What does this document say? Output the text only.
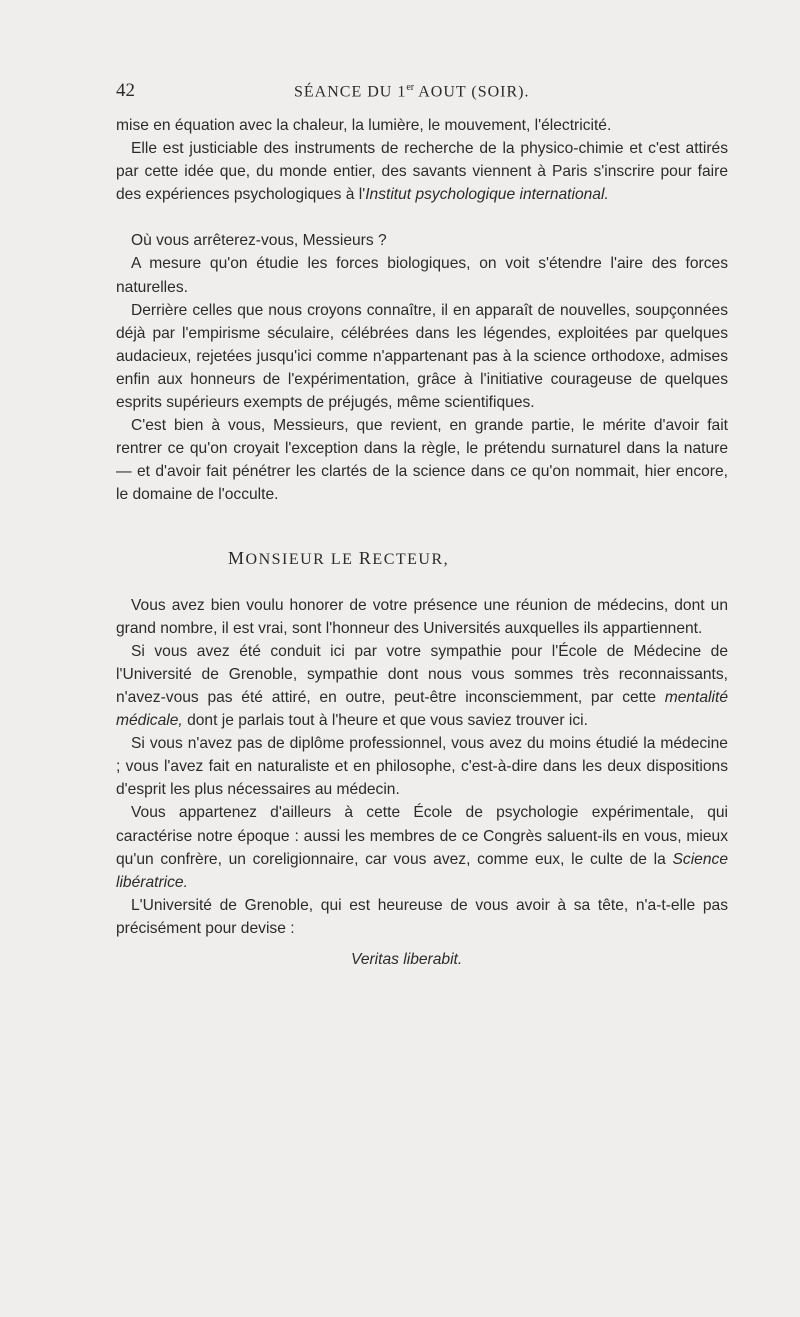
42	SÉANCE DU 1er AOUT (SOIR).

mise en équation avec la chaleur, la lumière, le mouvement, l'électricité.

Elle est justiciable des instruments de recherche de la physico-chimie et c'est attirés par cette idée que, du monde entier, des savants viennent à Paris s'inscrire pour faire des expériences psychologiques à l'Institut psychologique international.

Où vous arrêterez-vous, Messieurs ?

A mesure qu'on étudie les forces biologiques, on voit s'étendre l'aire des forces naturelles.

Derrière celles que nous croyons connaître, il en apparaît de nouvelles, soupçonnées déjà par l'empirisme séculaire, célébrées dans les légendes, exploitées par quelques audacieux, rejetées jusqu'ici comme n'appartenant pas à la science orthodoxe, admises enfin aux honneurs de l'expérimentation, grâce à l'initiative courageuse de quelques esprits supérieurs exempts de préjugés, même scientifiques.

C'est bien à vous, Messieurs, que revient, en grande partie, le mérite d'avoir fait rentrer ce qu'on croyait l'exception dans la règle, le prétendu surnaturel dans la nature — et d'avoir fait pénétrer les clartés de la science dans ce qu'on nommait, hier encore, le domaine de l'occulte.

MONSIEUR LE RECTEUR,

Vous avez bien voulu honorer de votre présence une réunion de médecins, dont un grand nombre, il est vrai, sont l'honneur des Universités auxquelles ils appartiennent.

Si vous avez été conduit ici par votre sympathie pour l'École de Médecine de l'Université de Grenoble, sympathie dont nous vous sommes très reconnaissants, n'avez-vous pas été attiré, en outre, peut-être inconsciemment, par cette mentalité médicale, dont je parlais tout à l'heure et que vous saviez trouver ici.

Si vous n'avez pas de diplôme professionnel, vous avez du moins étudié la médecine ; vous l'avez fait en naturaliste et en philosophe, c'est-à-dire dans les deux dispositions d'esprit les plus nécessaires au médecin.

Vous appartenez d'ailleurs à cette École de psychologie expérimentale, qui caractérise notre époque : aussi les membres de ce Congrès saluent-ils en vous, mieux qu'un confrère, un coreligionnaire, car vous avez, comme eux, le culte de la Science libératrice.

L'Université de Grenoble, qui est heureuse de vous avoir à sa tête, n'a-t-elle pas précisément pour devise :

Veritas liberabit.
